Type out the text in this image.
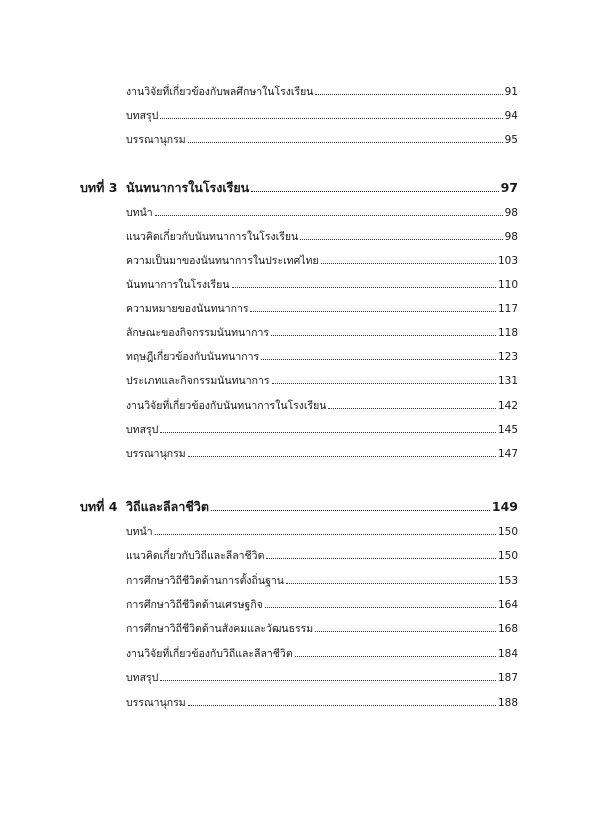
งานวิจัยที่เกี่ยวข้องกับพลศึกษาในโรงเรียน	91
บทสรุป	94
บรรณานุกรม	95
บทที่ 3 นันทนาการในโรงเรียน	97
บทนำ	98
แนวคิดเกี่ยวกับนันทนาการในโรงเรียน	98
ความเป็นมาของนันทนาการในประเทศไทย	103
นันทนาการในโรงเรียน	110
ความหมายของนันทนาการ	117
ลักษณะของกิจกรรมนันทนาการ	118
ทฤษฎีเกี่ยวข้องกับนันทนาการ	123
ประเภทและกิจกรรมนันทนาการ	131
งานวิจัยที่เกี่ยวข้องกับนันทนาการในโรงเรียน	142
บทสรุป	145
บรรณานุกรม	147
บทที่ 4 วิถีและลีลาชีวิต	149
บทนำ	150
แนวคิดเกี่ยวกับวิถีและลีลาชีวิต	150
การศึกษาวิถีชีวิตด้านการตั้งถิ่นฐาน	153
การศึกษาวิถีชีวิตด้านเศรษฐกิจ	164
การศึกษาวิถีชีวิตด้านสังคมและวัฒนธรรม	168
งานวิจัยที่เกี่ยวข้องกับวิถีและลีลาชีวิต	184
บทสรุป	187
บรรณานุกรม	188
